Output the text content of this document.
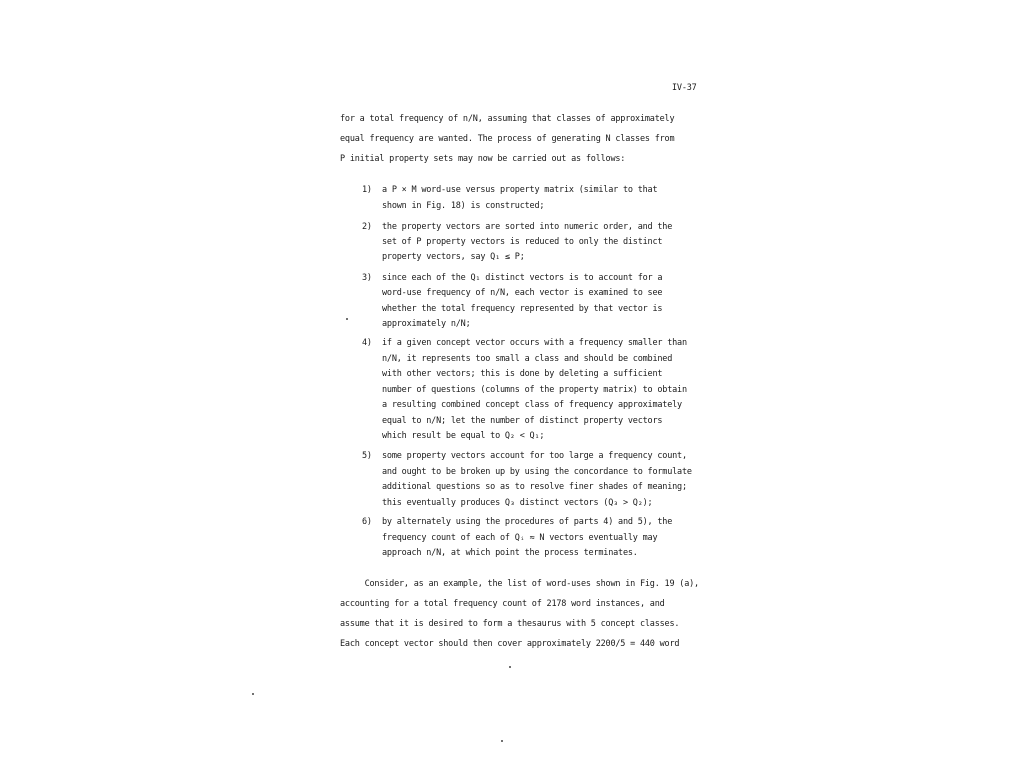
IV-37
for a total frequency of n/N, assuming that classes of approximately
equal frequency are wanted. The process of generating N classes from
P initial property sets may now be carried out as follows:
1) a P × M word-use versus property matrix (similar to that
shown in Fig. 18) is constructed;
2) the property vectors are sorted into numeric order, and the
set of P property vectors is reduced to only the distinct
property vectors, say Q₁ ≤ P;
3) since each of the Q₁ distinct vectors is to account for a
word-use frequency of n/N, each vector is examined to see
whether the total frequency represented by that vector is
approximately n/N;
4) if a given concept vector occurs with a frequency smaller than
n/N, it represents too small a class and should be combined
with other vectors; this is done by deleting a sufficient
number of questions (columns of the property matrix) to obtain
a resulting combined concept class of frequency approximately
equal to n/N; let the number of distinct property vectors
which result be equal to Q₂ < Q₁;
5) some property vectors account for too large a frequency count,
and ought to be broken up by using the concordance to formulate
additional questions so as to resolve finer shades of meaning;
this eventually produces Q₃ distinct vectors (Q₃ > Q₂);
6) by alternately using the procedures of parts 4) and 5), the
frequency count of each of Qᵢ ≈ N vectors eventually may
approach n/N, at which point the process terminates.
Consider, as an example, the list of word-uses shown in Fig. 19 (a),
accounting for a total frequency count of 2178 word instances, and
assume that it is desired to form a thesaurus with 5 concept classes.
Each concept vector should then cover approximately 2200/5 = 440 word
